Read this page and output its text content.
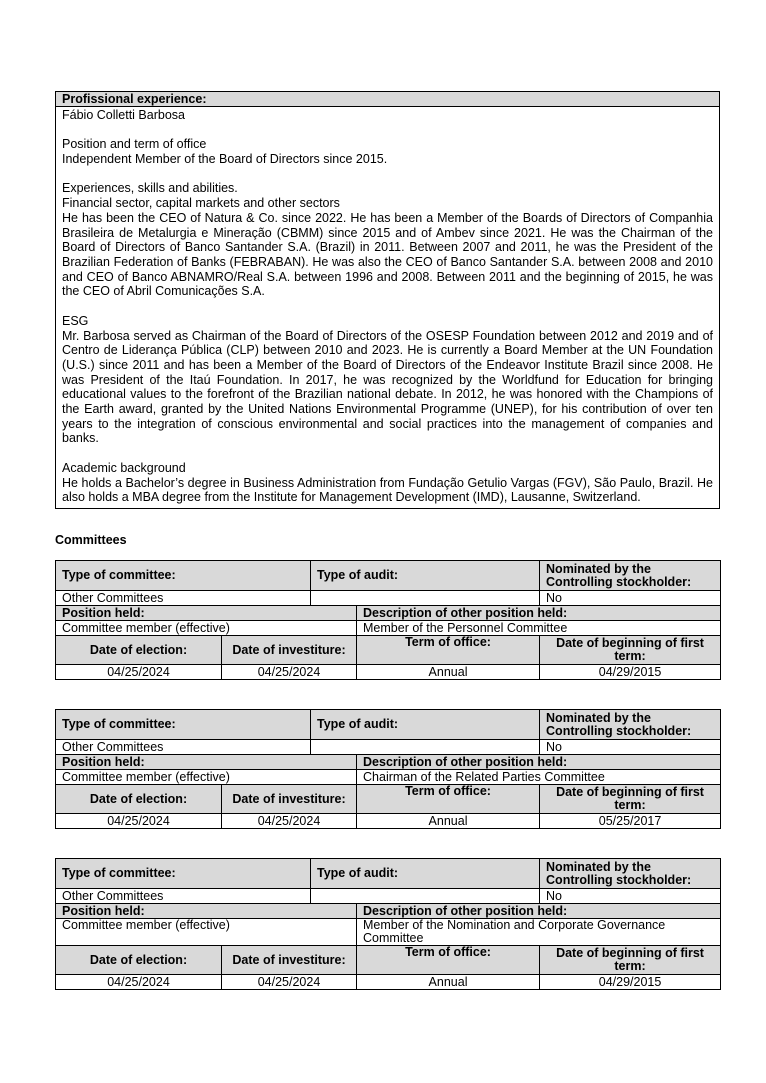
Profissional experience:

Fábio Colletti Barbosa

Position and term of office

Independent Member of the Board of Directors since 2015.

Experiences, skills and abilities.

Financial sector, capital markets and other sectors

He has been the CEO of Natura & Co. since 2022. He has been a Member of the Boards of Directors of Companhia Brasileira de Metalurgia e Mineração (CBMM) since 2015 and of Ambev since 2021. He was the Chairman of the Board of Directors of Banco Santander S.A. (Brazil) in 2011. Between 2007 and 2011, he was the President of the Brazilian Federation of Banks (FEBRABAN). He was also the CEO of Banco Santander S.A. between 2008 and 2010 and CEO of Banco ABNAMRO/Real S.A. between 1996 and 2008. Between 2011 and the beginning of 2015, he was the CEO of Abril Comunicações S.A.

ESG

Mr. Barbosa served as Chairman of the Board of Directors of the OSESP Foundation between 2012 and 2019 and of Centro de Liderança Pública (CLP) between 2010 and 2023. He is currently a Board Member at the UN Foundation (U.S.) since 2011 and has been a Member of the Board of Directors of the Endeavor Institute Brazil since 2008. He was President of the Itaú Foundation. In 2017, he was recognized by the Worldfund for Education for bringing educational values to the forefront of the Brazilian national debate. In 2012, he was honored with the Champions of the Earth award, granted by the United Nations Environmental Programme (UNEP), for his contribution of over ten years to the integration of conscious environmental and social practices into the management of companies and banks.

Academic background

He holds a Bachelor’s degree in Business Administration from Fundação Getulio Vargas (FGV), São Paulo, Brazil. He also holds a MBA degree from the Institute for Management Development (IMD), Lausanne, Switzerland.

Committees
Type of committee:		Type of audit:		Nominated by the Controlling stockholder:
Other Committees				No
Position held:			Description of other position held:	
Committee member (effective)			Member of the Personnel Committee	
Date of election:	Date of investiture:		Term of office:	Date of beginning of first term:
04/25/2024	04/25/2024		Annual	04/29/2015
Type of committee:		Type of audit:		Nominated by the Controlling stockholder:
Other Committees				No
Position held:			Description of other position held:	
Committee member (effective)			Chairman of the Related Parties Committee	
Date of election:	Date of investiture:		Term of office:	Date of beginning of first term:
04/25/2024	04/25/2024		Annual	05/25/2017
Type of committee:		Type of audit:		Nominated by the Controlling stockholder:
Other Committees				No
Position held:			Description of other position held:	
Committee member (effective)			Member of the Nomination and Corporate Governance Committee	
Date of election:	Date of investiture:		Term of office:	Date of beginning of first term:
04/25/2024	04/25/2024		Annual	04/29/2015
